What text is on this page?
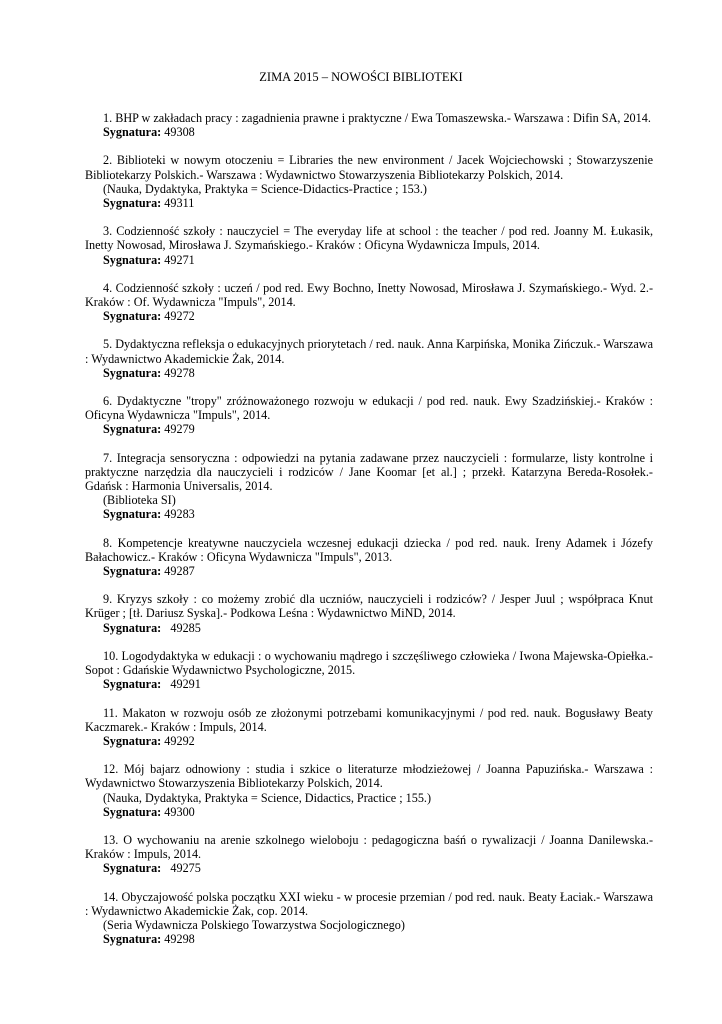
ZIMA 2015 – NOWOŚCI BIBLIOTEKI
1. BHP w zakładach pracy : zagadnienia prawne i praktyczne / Ewa Tomaszewska.- Warszawa : Difin SA, 2014.
Sygnatura: 49308
2. Biblioteki w nowym otoczeniu = Libraries the new environment / Jacek Wojciechowski ; Stowarzyszenie Bibliotekarzy Polskich.- Warszawa : Wydawnictwo Stowarzyszenia Bibliotekarzy Polskich, 2014.
(Nauka, Dydaktyka, Praktyka = Science-Didactics-Practice ; 153.)
Sygnatura: 49311
3. Codzienność szkoły : nauczyciel = The everyday life at school : the teacher / pod red. Joanny M. Łukasik, Inetty Nowosad, Mirosława J. Szymańskiego.- Kraków : Oficyna Wydawnicza Impuls, 2014.
Sygnatura: 49271
4. Codzienność szkoły : uczeń / pod red. Ewy Bochno, Inetty Nowosad, Mirosława J. Szymańskiego.- Wyd. 2.- Kraków : Of. Wydawnicza "Impuls", 2014.
Sygnatura: 49272
5. Dydaktyczna refleksja o edukacyjnych priorytetach / red. nauk. Anna Karpińska, Monika Zińczuk.- Warszawa : Wydawnictwo Akademickie Żak, 2014.
Sygnatura: 49278
6. Dydaktyczne "tropy" zróżnoważonego rozwoju w edukacji / pod red. nauk. Ewy Szadzińskiej.- Kraków : Oficyna Wydawnicza "Impuls", 2014.
Sygnatura: 49279
7. Integracja sensoryczna : odpowiedzi na pytania zadawane przez nauczycieli : formularze, listy kontrolne i praktyczne narzędzia dla nauczycieli i rodziców / Jane Koomar [et al.] ; przekł. Katarzyna Bereda-Rosołek.- Gdańsk : Harmonia Universalis, 2014.
(Biblioteka SI)
Sygnatura: 49283
8. Kompetencje kreatywne nauczyciela wczesnej edukacji dziecka / pod red. nauk. Ireny Adamek i Józefy Bałachowicz.- Kraków : Oficyna Wydawnicza "Impuls", 2013.
Sygnatura: 49287
9. Kryzys szkoły : co możemy zrobić dla uczniów, nauczycieli i rodziców? / Jesper Juul ; współpraca Knut Krüger ; [tł. Dariusz Syska].- Podkowa Leśna : Wydawnictwo MiND, 2014.
Sygnatura:   49285
10. Logodydaktyka w edukacji : o wychowaniu mądrego i szczęśliwego człowieka / Iwona Majewska-Opiełka.- Sopot : Gdańskie Wydawnictwo Psychologiczne, 2015.
Sygnatura:   49291
11. Makaton w rozwoju osób ze złożonymi potrzebami komunikacyjnymi / pod red. nauk. Bogusławy Beaty Kaczmarek.- Kraków : Impuls, 2014.
Sygnatura: 49292
12. Mój bajarz odnowiony : studia i szkice o literaturze młodzieżowej / Joanna Papuzińska.- Warszawa : Wydawnictwo Stowarzyszenia Bibliotekarzy Polskich, 2014.
(Nauka, Dydaktyka, Praktyka = Science, Didactics, Practice ; 155.)
Sygnatura: 49300
13. O wychowaniu na arenie szkolnego wieloboju : pedagogiczna baśń o rywalizacji / Joanna Danilewska.- Kraków : Impuls, 2014.
Sygnatura:   49275
14. Obyczajowość polska początku XXI wieku - w procesie przemian / pod red. nauk. Beaty Łaciak.- Warszawa : Wydawnictwo Akademickie Żak, cop. 2014.
(Seria Wydawnicza Polskiego Towarzystwa Socjologicznego)
Sygnatura: 49298
